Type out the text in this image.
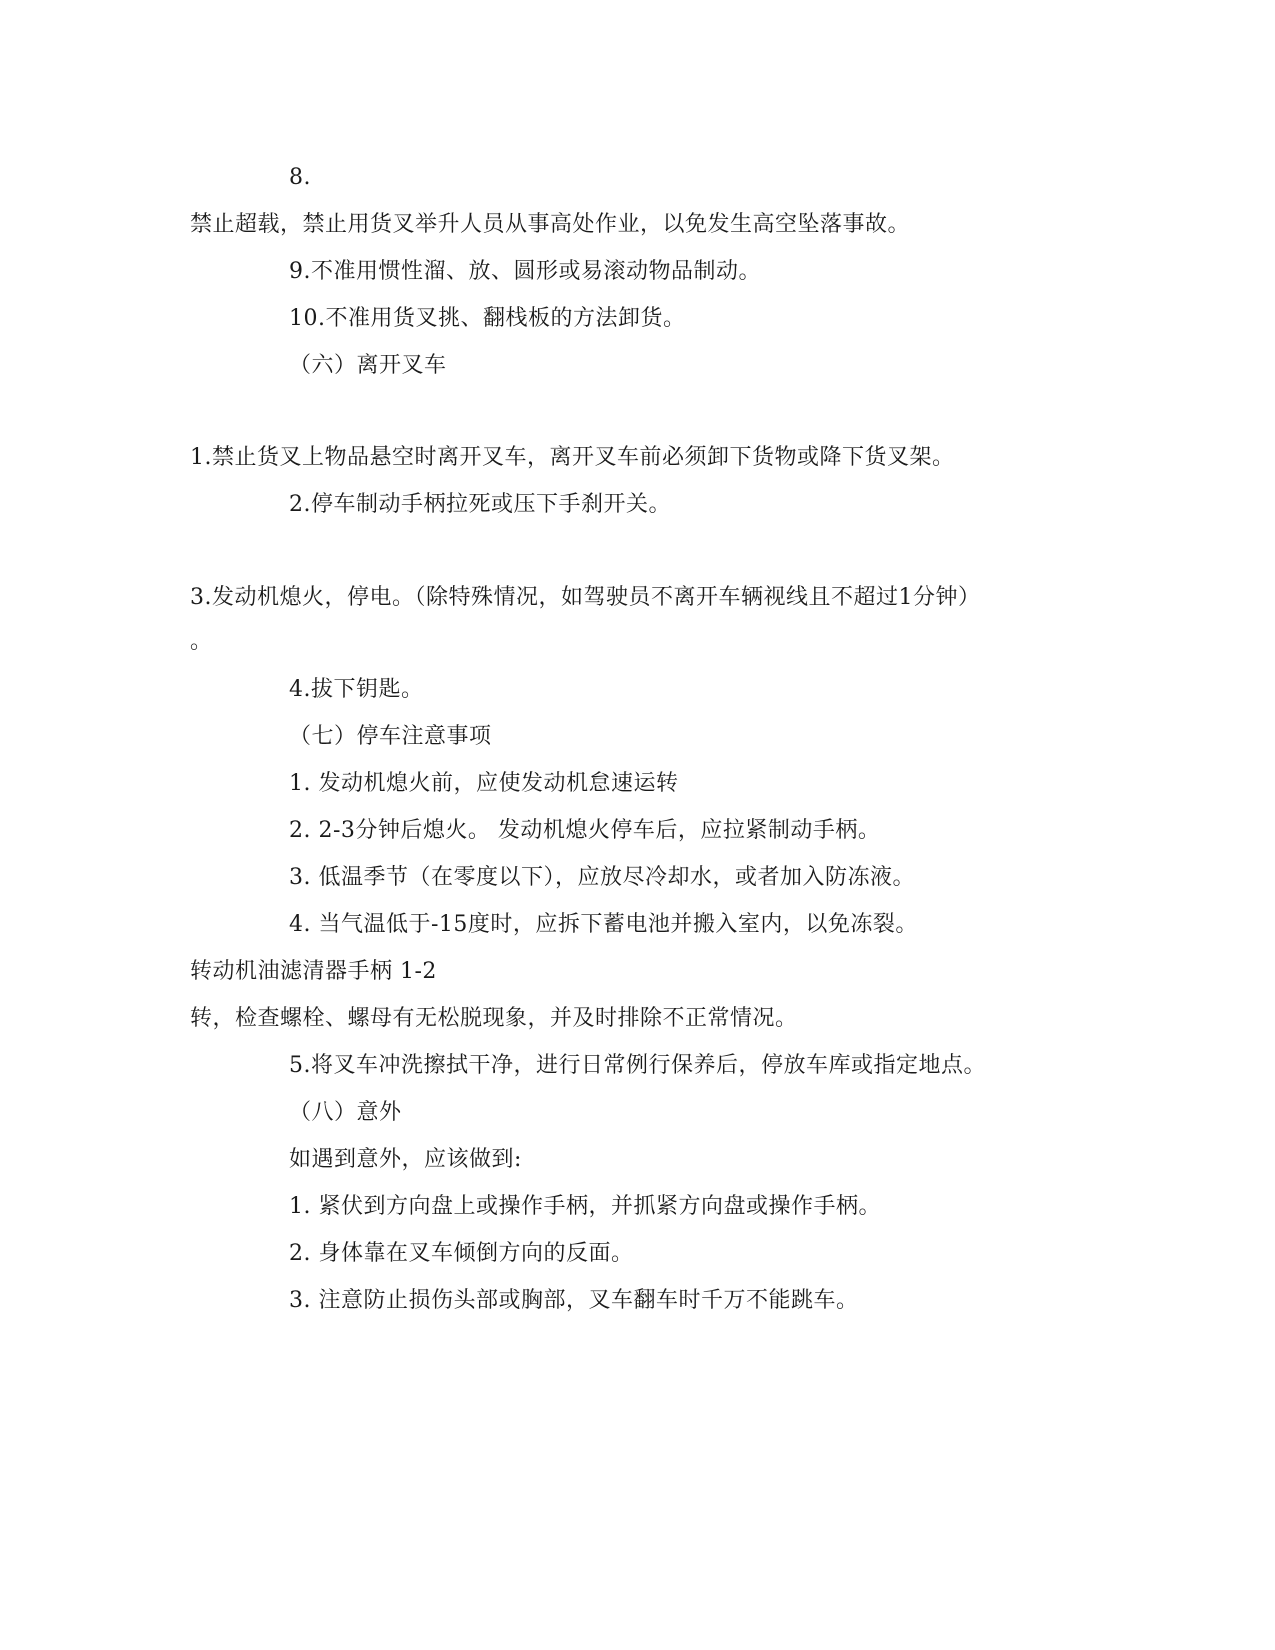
8.
禁止超载，禁止用货叉举升人员从事高处作业，以免发生高空坠落事故。
9.不准用惯性溜、放、圆形或易滚动物品制动。
10.不准用货叉挑、翻栈板的方法卸货。
（六）离开叉车
1.禁止货叉上物品悬空时离开叉车，离开叉车前必须卸下货物或降下货叉架。
2.停车制动手柄拉死或压下手刹开关。
3.发动机熄火，停电。（除特殊情况，如驾驶员不离开车辆视线且不超过1分钟）
。
4.拔下钥匙。
（七）停车注意事项
1. 发动机熄火前，应使发动机怠速运转
2. 2-3分钟后熄火。 发动机熄火停车后，应拉紧制动手柄。
3. 低温季节（在零度以下），应放尽冷却水，或者加入防冻液。
4. 当气温低于-15度时，应拆下蓄电池并搬入室内，以免冻裂。
转动机油滤清器手柄 1-2
转，检查螺栓、螺母有无松脱现象，并及时排除不正常情况。
5.将叉车冲洗擦拭干净，进行日常例行保养后，停放车库或指定地点。
（八）意外
如遇到意外，应该做到:
1. 紧伏到方向盘上或操作手柄，并抓紧方向盘或操作手柄。
2. 身体靠在叉车倾倒方向的反面。
3. 注意防止损伤头部或胸部，叉车翻车时千万不能跳车。
